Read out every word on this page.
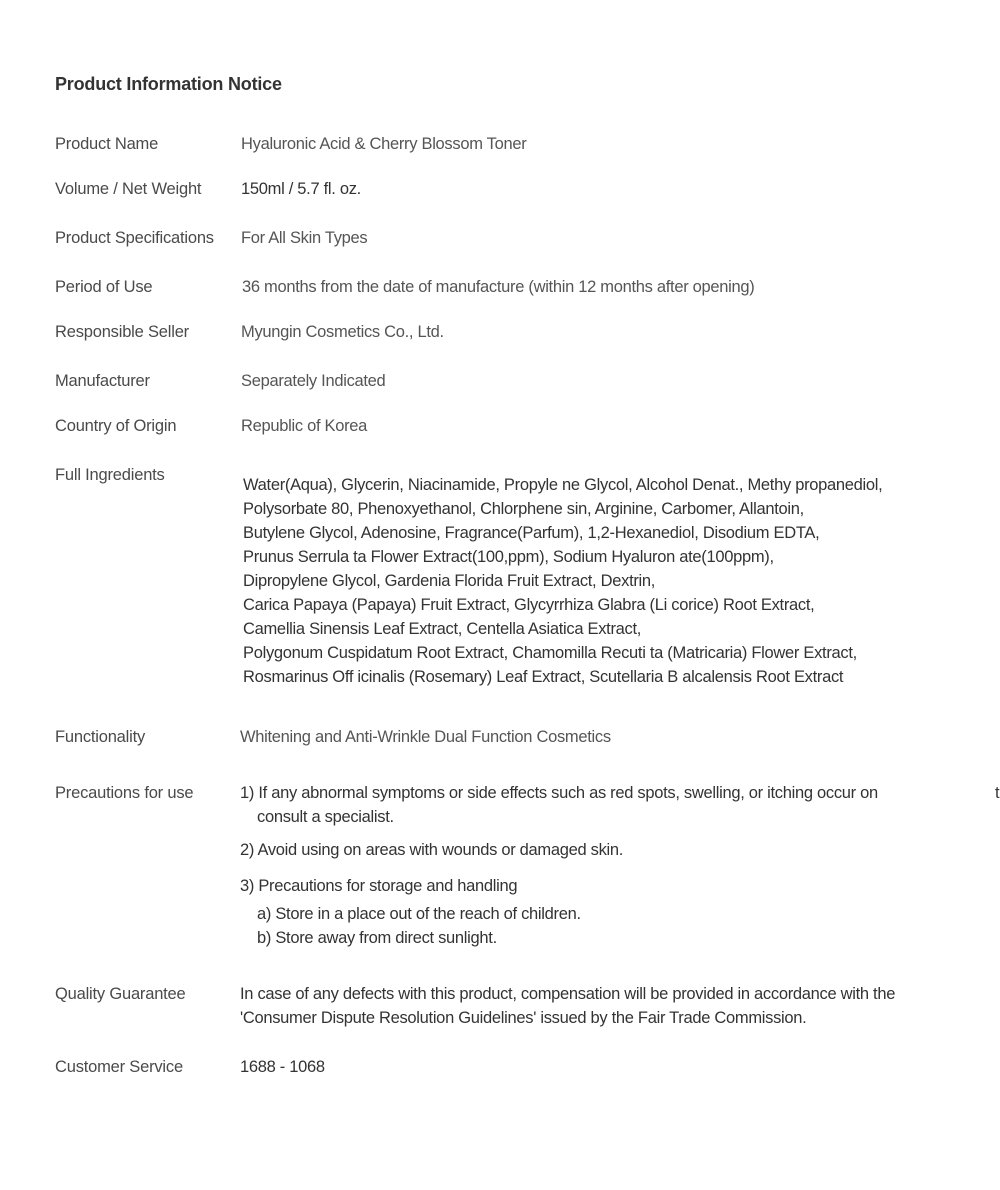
Product Information Notice
Product Name	Hyaluronic Acid & Cherry Blossom Toner
Volume / Net Weight 150ml / 5.7 fl. oz.
Product Specifications For All Skin Types
Period of Use	36 months from the date of manufacture (within 12 months after opening)
Responsible Seller	Myungin Cosmetics Co., Ltd.
Manufacturer	Separately Indicated
Country of Origin	Republic of Korea
Full Ingredients
Water(Aqua), Glycerin, Niacinamide, Propyle ne Glycol, Alcohol Denat., Methy propanediol,
Polysorbate 80, Phenoxyethanol, Chlorphene sin, Arginine, Carbomer, Allantoin,
Butylene Glycol, Adenosine, Fragrance(Parfum), 1,2-Hexanediol, Disodium EDTA,
Prunus Serrula ta Flower Extract(100,ppm), Sodium Hyaluron ate(100ppm),
Dipropylene Glycol, Gardenia Florida Fruit Extract, Dextrin,
Carica Papaya (Papaya) Fruit Extract, Glycyrrhiza Glabra (Li corice) Root Extract,
Camellia Sinensis Leaf Extract, Centella Asiatica Extract,
Polygonum Cuspidatum Root Extract, Chamomilla Recuti ta (Matricaria) Flower Extract,
Rosmarinus Off icinalis (Rosemary) Leaf Extract, Scutellaria B alcalensis Root Extract
Functionality	Whitening and Anti-Wrinkle Dual Function Cosmetics
Precautions for use	1) If any abnormal symptoms or side effects such as red spots, swelling, or itching occur on
consult a specialist.
2) Avoid using on areas with wounds or damaged skin.
3) Precautions for storage and handling
a) Store in a place out of the reach of children.
b) Store away from direct sunlight.
t
Quality Guarantee	In case of any defects with this product, compensation will be provided in accordance with the
'Consumer Dispute Resolution Guidelines' issued by the Fair Trade Commission.
Customer Service	1688 - 1068
